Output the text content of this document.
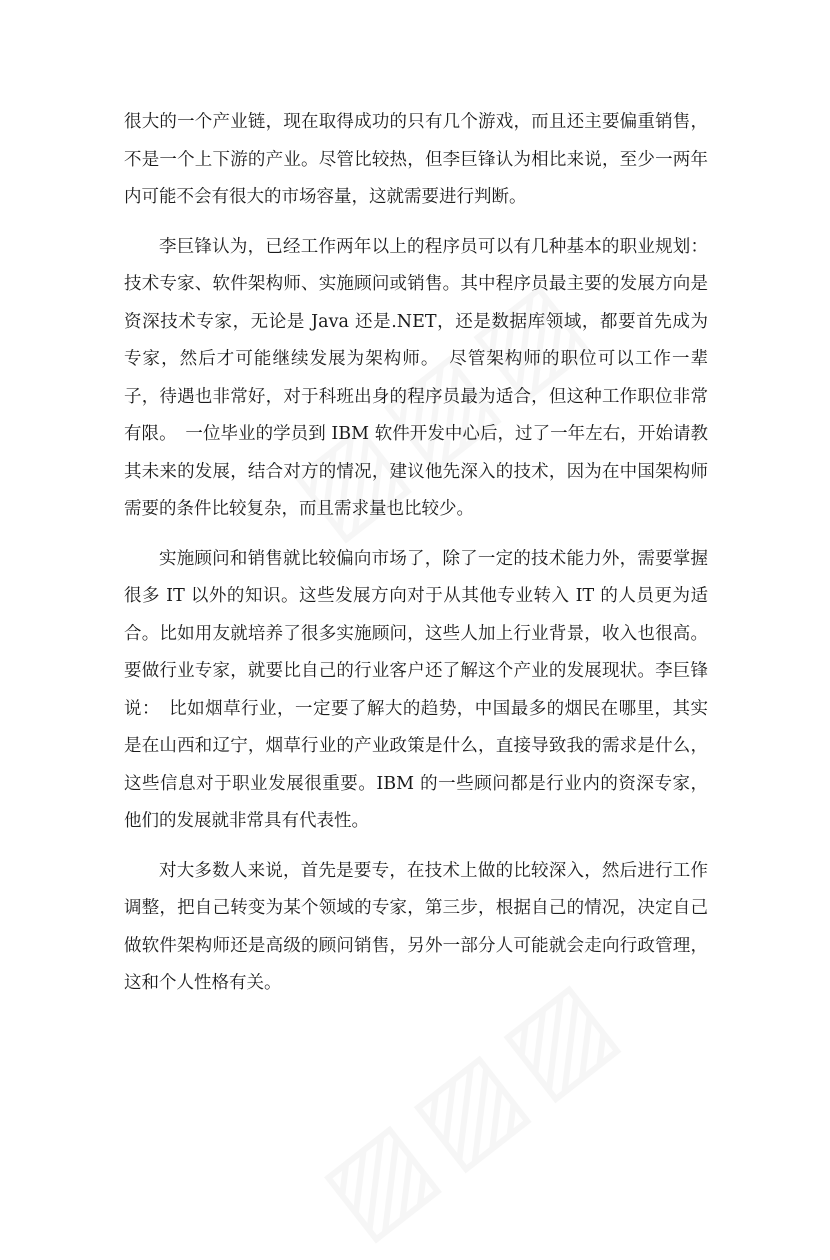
很大的一个产业链，现在取得成功的只有几个游戏，而且还主要偏重销售，不是一个上下游的产业。尽管比较热，但李巨锋认为相比来说，至少一两年内可能不会有很大的市场容量，这就需要进行判断。

李巨锋认为，已经工作两年以上的程序员可以有几种基本的职业规划：技术专家、软件架构师、实施顾问或销售。其中程序员最主要的发展方向是资深技术专家，无论是 Java 还是.NET，还是数据库领域，都要首先成为专家，然后才可能继续发展为架构师。　尽管架构师的职位可以工作一辈子，待遇也非常好，对于科班出身的程序员最为适合，但这种工作职位非常有限。　一位毕业的学员到 IBM 软件开发中心后，过了一年左右，开始请教其未来的发展，结合对方的情况，建议他先深入的技术，因为在中国架构师需要的条件比较复杂，而且需求量也比较少。

实施顾问和销售就比较偏向市场了，除了一定的技术能力外，需要掌握很多 IT 以外的知识。这些发展方向对于从其他专业转入 IT 的人员更为适合。比如用友就培养了很多实施顾问，这些人加上行业背景，收入也很高。要做行业专家，就要比自己的行业客户还了解这个产业的发展现状。李巨锋说：　比如烟草行业，一定要了解大的趋势，中国最多的烟民在哪里，其实是在山西和辽宁，烟草行业的产业政策是什么，直接导致我的需求是什么，这些信息对于职业发展很重要。IBM 的一些顾问都是行业内的资深专家，他们的发展就非常具有代表性。

对大多数人来说，首先是要专，在技术上做的比较深入，然后进行工作调整，把自己转变为某个领域的专家，第三步，根据自己的情况，决定自己做软件架构师还是高级的顾问销售，另外一部分人可能就会走向行政管理，这和个人性格有关。
